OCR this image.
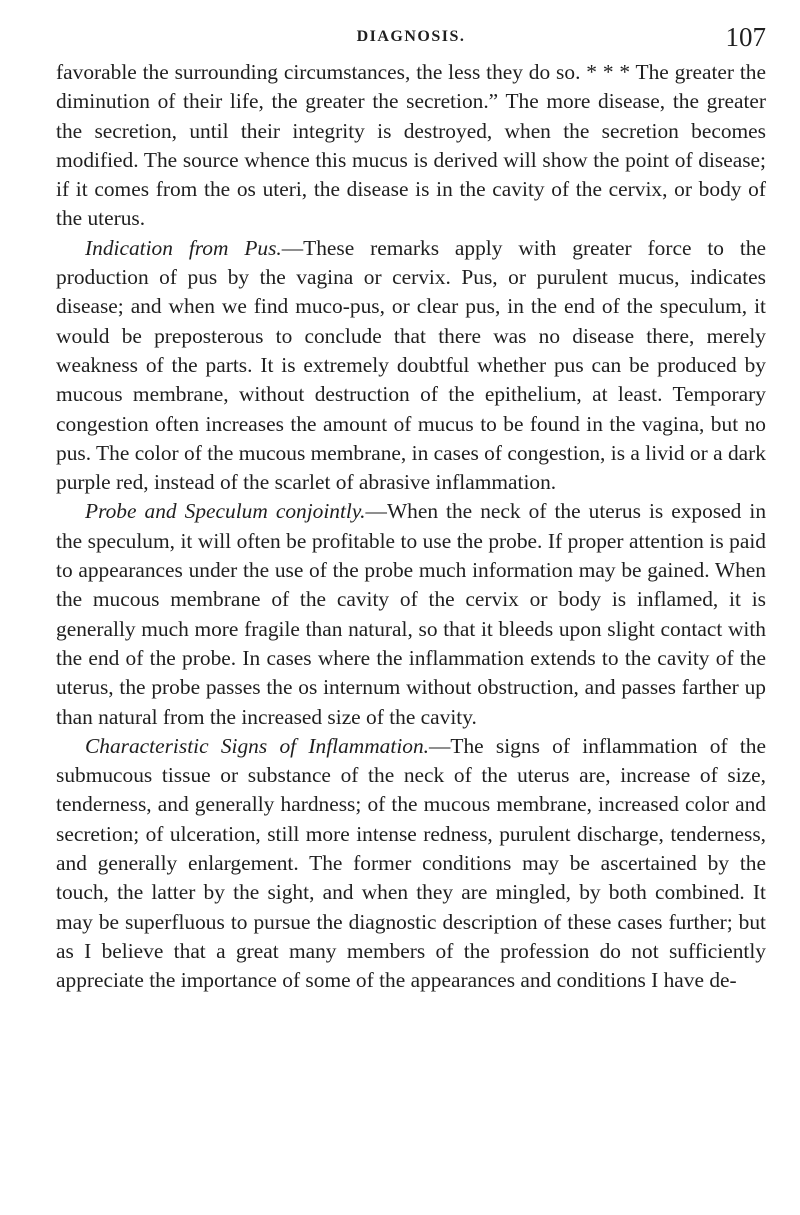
DIAGNOSIS.	107

favorable the surrounding circumstances, the less they do so. * * * The greater the diminution of their life, the greater the secretion.” The more disease, the greater the secretion, until their integrity is destroyed, when the secretion becomes modified. The source whence this mucus is derived will show the point of disease; if it comes from the os uteri, the disease is in the cavity of the cervix, or body of the uterus.

Indication from Pus.—These remarks apply with greater force to the production of pus by the vagina or cervix. Pus, or purulent mucus, indicates disease; and when we find muco-pus, or clear pus, in the end of the speculum, it would be preposterous to conclude that there was no disease there, merely weakness of the parts. It is extremely doubtful whether pus can be produced by mucous membrane, without destruction of the epithelium, at least. Temporary congestion often increases the amount of mucus to be found in the vagina, but no pus. The color of the mucous membrane, in cases of congestion, is a livid or a dark purple red, instead of the scarlet of abrasive inflammation.

Probe and Speculum conjointly.—When the neck of the uterus is exposed in the speculum, it will often be profitable to use the probe. If proper attention is paid to appearances under the use of the probe much information may be gained. When the mucous membrane of the cavity of the cervix or body is inflamed, it is generally much more fragile than natural, so that it bleeds upon slight contact with the end of the probe. In cases where the inflammation extends to the cavity of the uterus, the probe passes the os internum without obstruction, and passes farther up than natural from the increased size of the cavity.

Characteristic Signs of Inflammation.—The signs of inflammation of the submucous tissue or substance of the neck of the uterus are, increase of size, tenderness, and generally hardness; of the mucous membrane, increased color and secretion; of ulceration, still more intense redness, purulent discharge, tenderness, and generally enlargement. The former conditions may be ascertained by the touch, the latter by the sight, and when they are mingled, by both combined. It may be superfluous to pursue the diagnostic description of these cases further; but as I believe that a great many members of the profession do not sufficiently appreciate the importance of some of the appearances and conditions I have de-
